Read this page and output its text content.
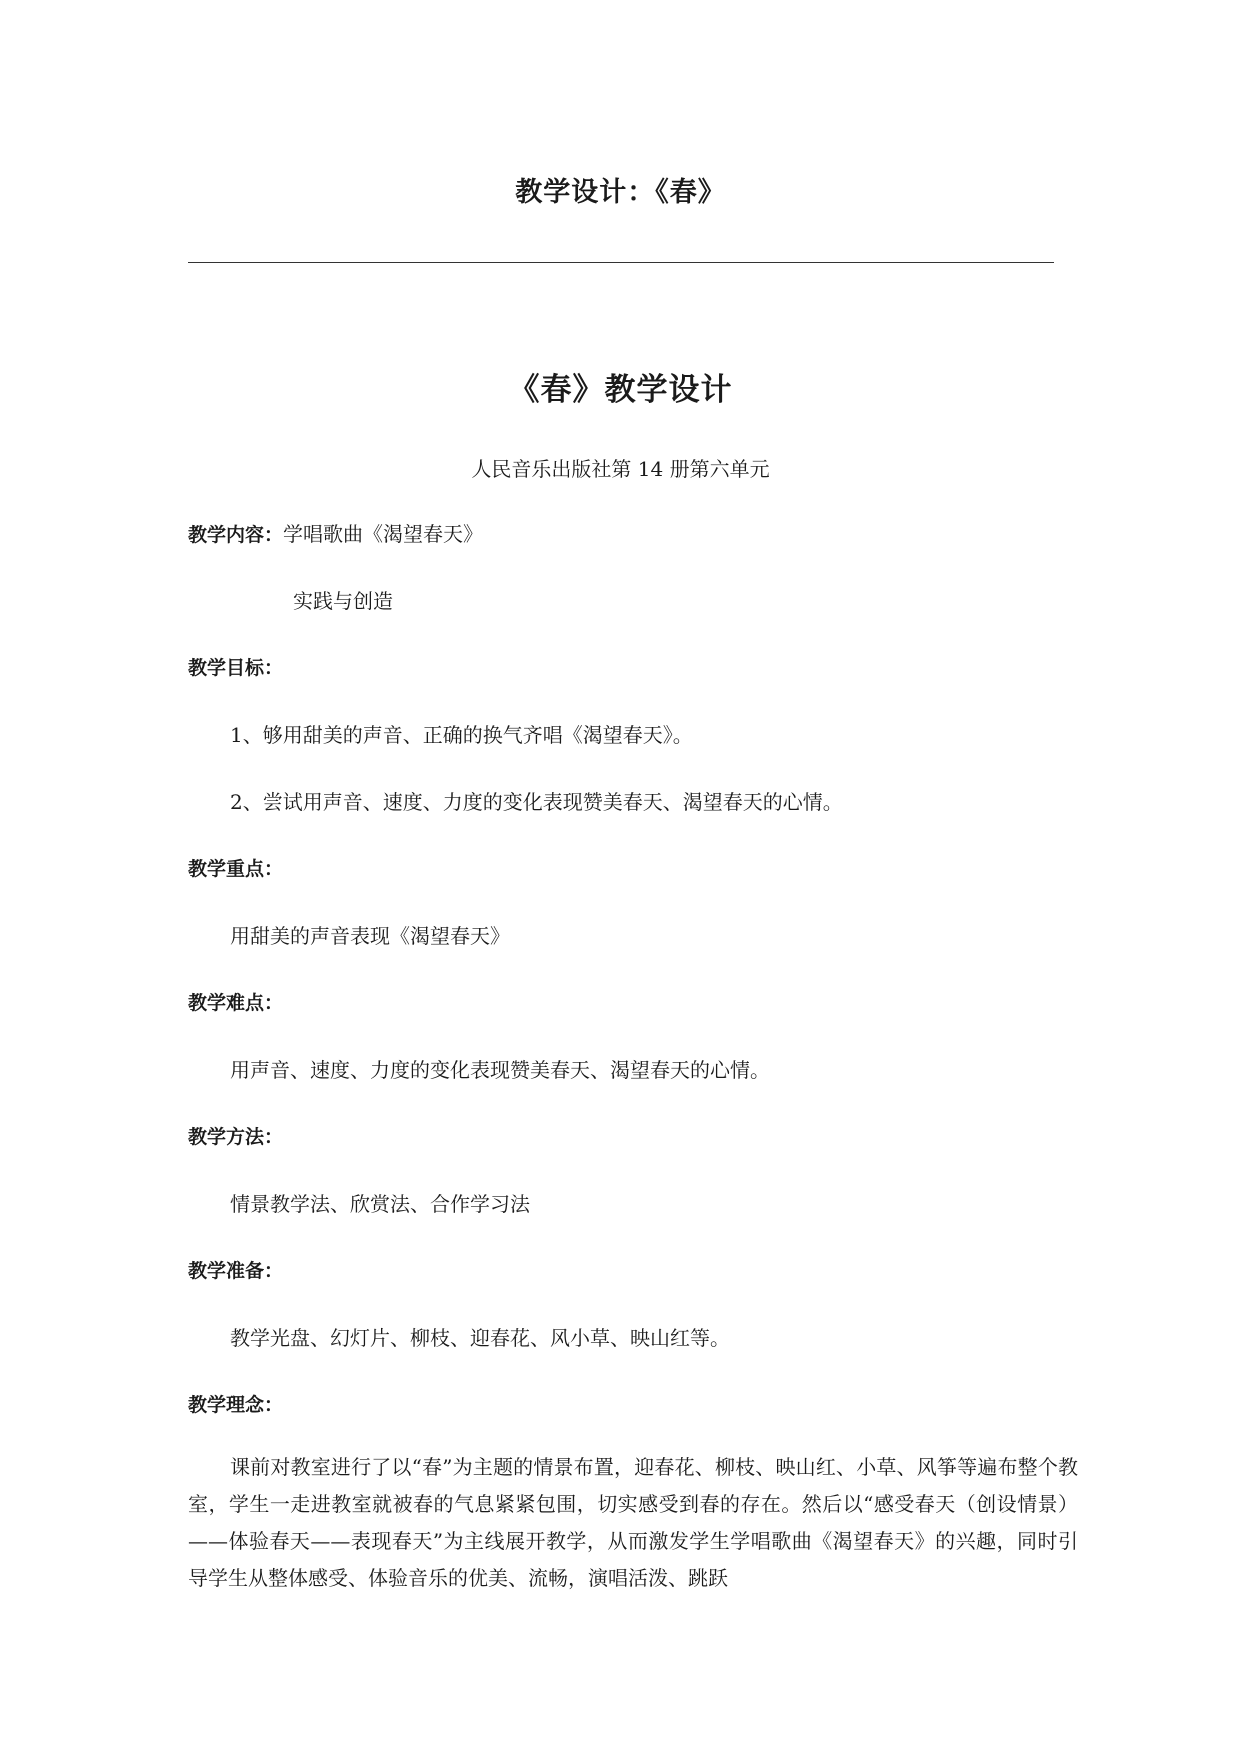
教学设计：《春》
《春》教学设计
人民音乐出版社第 14 册第六单元
教学内容：学唱歌曲《渴望春天》
实践与创造
教学目标：
1、够用甜美的声音、正确的换气齐唱《渴望春天》。
2、尝试用声音、速度、力度的变化表现赞美春天、渴望春天的心情。
教学重点：
用甜美的声音表现《渴望春天》
教学难点：
用声音、速度、力度的变化表现赞美春天、渴望春天的心情。
教学方法：
情景教学法、欣赏法、合作学习法
教学准备：
教学光盘、幻灯片、柳枝、迎春花、风小草、映山红等。
教学理念：
课前对教室进行了以“春”为主题的情景布置，迎春花、柳枝、映山红、小草、风筝等遍布整个教室，学生一走进教室就被春的气息紧紧包围，切实感受到春的存在。然后以“感受春天（创设情景）——体验春天——表现春天”为主线展开教学，从而激发学生学唱歌曲《渴望春天》的兴趣，同时引导学生从整体感受、体验音乐的优美、流畅，演唱活泼、跳跃
